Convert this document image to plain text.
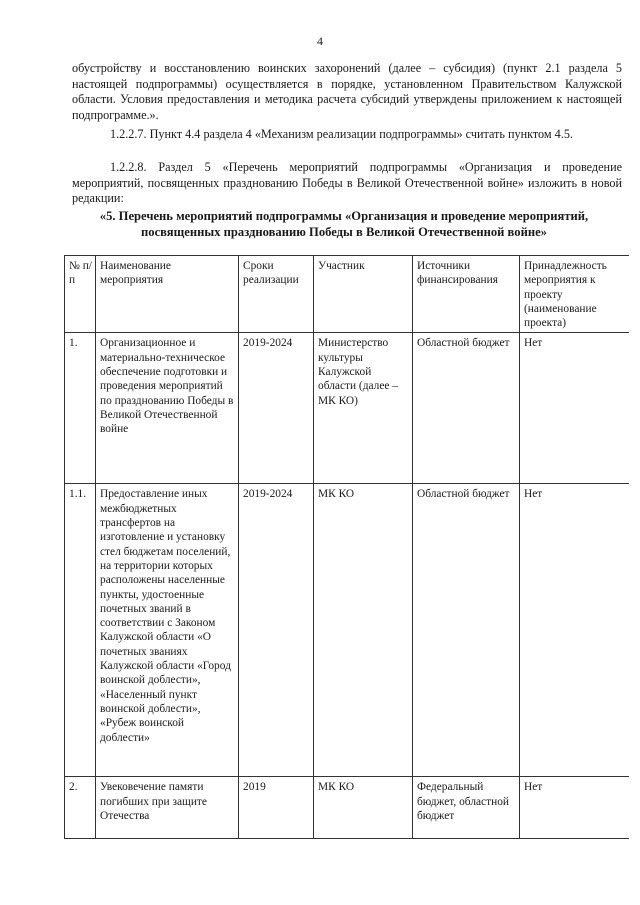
4
обустройству и восстановлению воинских захоронений (далее – субсидия) (пункт 2.1 раздела 5 настоящей подпрограммы) осуществляется в порядке, установленном Правительством Калужской области. Условия предоставления и методика расчета субсидий утверждены приложением к настоящей подпрограмме.».
1.2.2.7. Пункт 4.4 раздела 4 «Механизм реализации подпрограммы» считать пунктом 4.5.
1.2.2.8. Раздел 5 «Перечень мероприятий подпрограммы «Организация и проведение мероприятий, посвященных празднованию Победы в Великой Отечественной войне» изложить в новой редакции:
«5. Перечень мероприятий подпрограммы «Организация и проведение мероприятий, посвященных празднованию Победы в Великой Отечественной войне»
№ п/п	Наименование мероприятия	Сроки реализации	Участник	Источники финансирования	Принадлежность мероприятия к проекту (наименование проекта)
1.	Организационное и материально-техническое обеспечение подготовки и проведения мероприятий по празднованию Победы в Великой Отечественной войне	2019-2024	Министерство культуры Калужской области (далее – МК КО)	Областной бюджет	Нет
1.1.	Предоставление иных межбюджетных трансфертов на изготовление и установку стел бюджетам поселений, на территории которых расположены населенные пункты, удостоенные почетных званий в соответствии с Законом Калужской области «О почетных званиях Калужской области «Город воинской доблести», «Населенный пункт воинской доблести», «Рубеж воинской доблести»	2019-2024	МК КО	Областной бюджет	Нет
2.	Увековечение памяти погибших при защите Отечества	2019	МК КО	Федеральный бюджет, областной бюджет	Нет
